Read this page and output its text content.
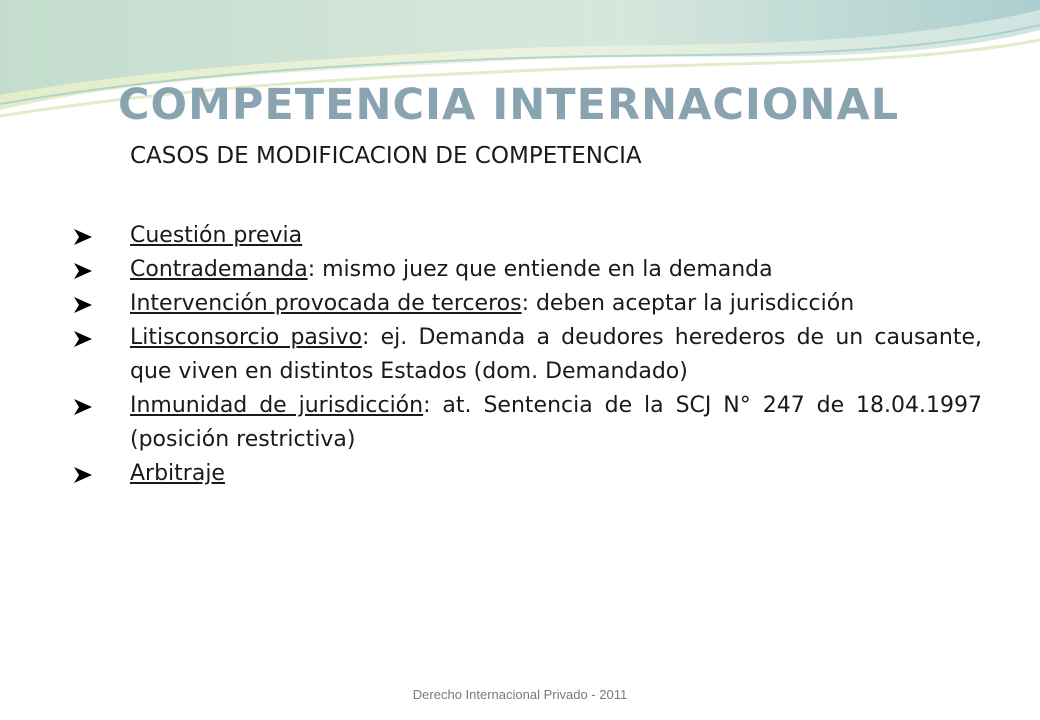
COMPETENCIA INTERNACIONAL

CASOS DE MODIFICACION DE COMPETENCIA

Cuestión previa
Contrademanda: mismo juez que entiende en la demanda
Intervención provocada de terceros: deben aceptar la jurisdicción
Litisconsorcio pasivo: ej. Demanda a deudores herederos de un causante, que viven en distintos Estados (dom. Demandado)
Inmunidad de jurisdicción: at. Sentencia de la SCJ N° 247 de 18.04.1997 (posición restrictiva)
Arbitraje
Derecho Internacional Privado - 2011
